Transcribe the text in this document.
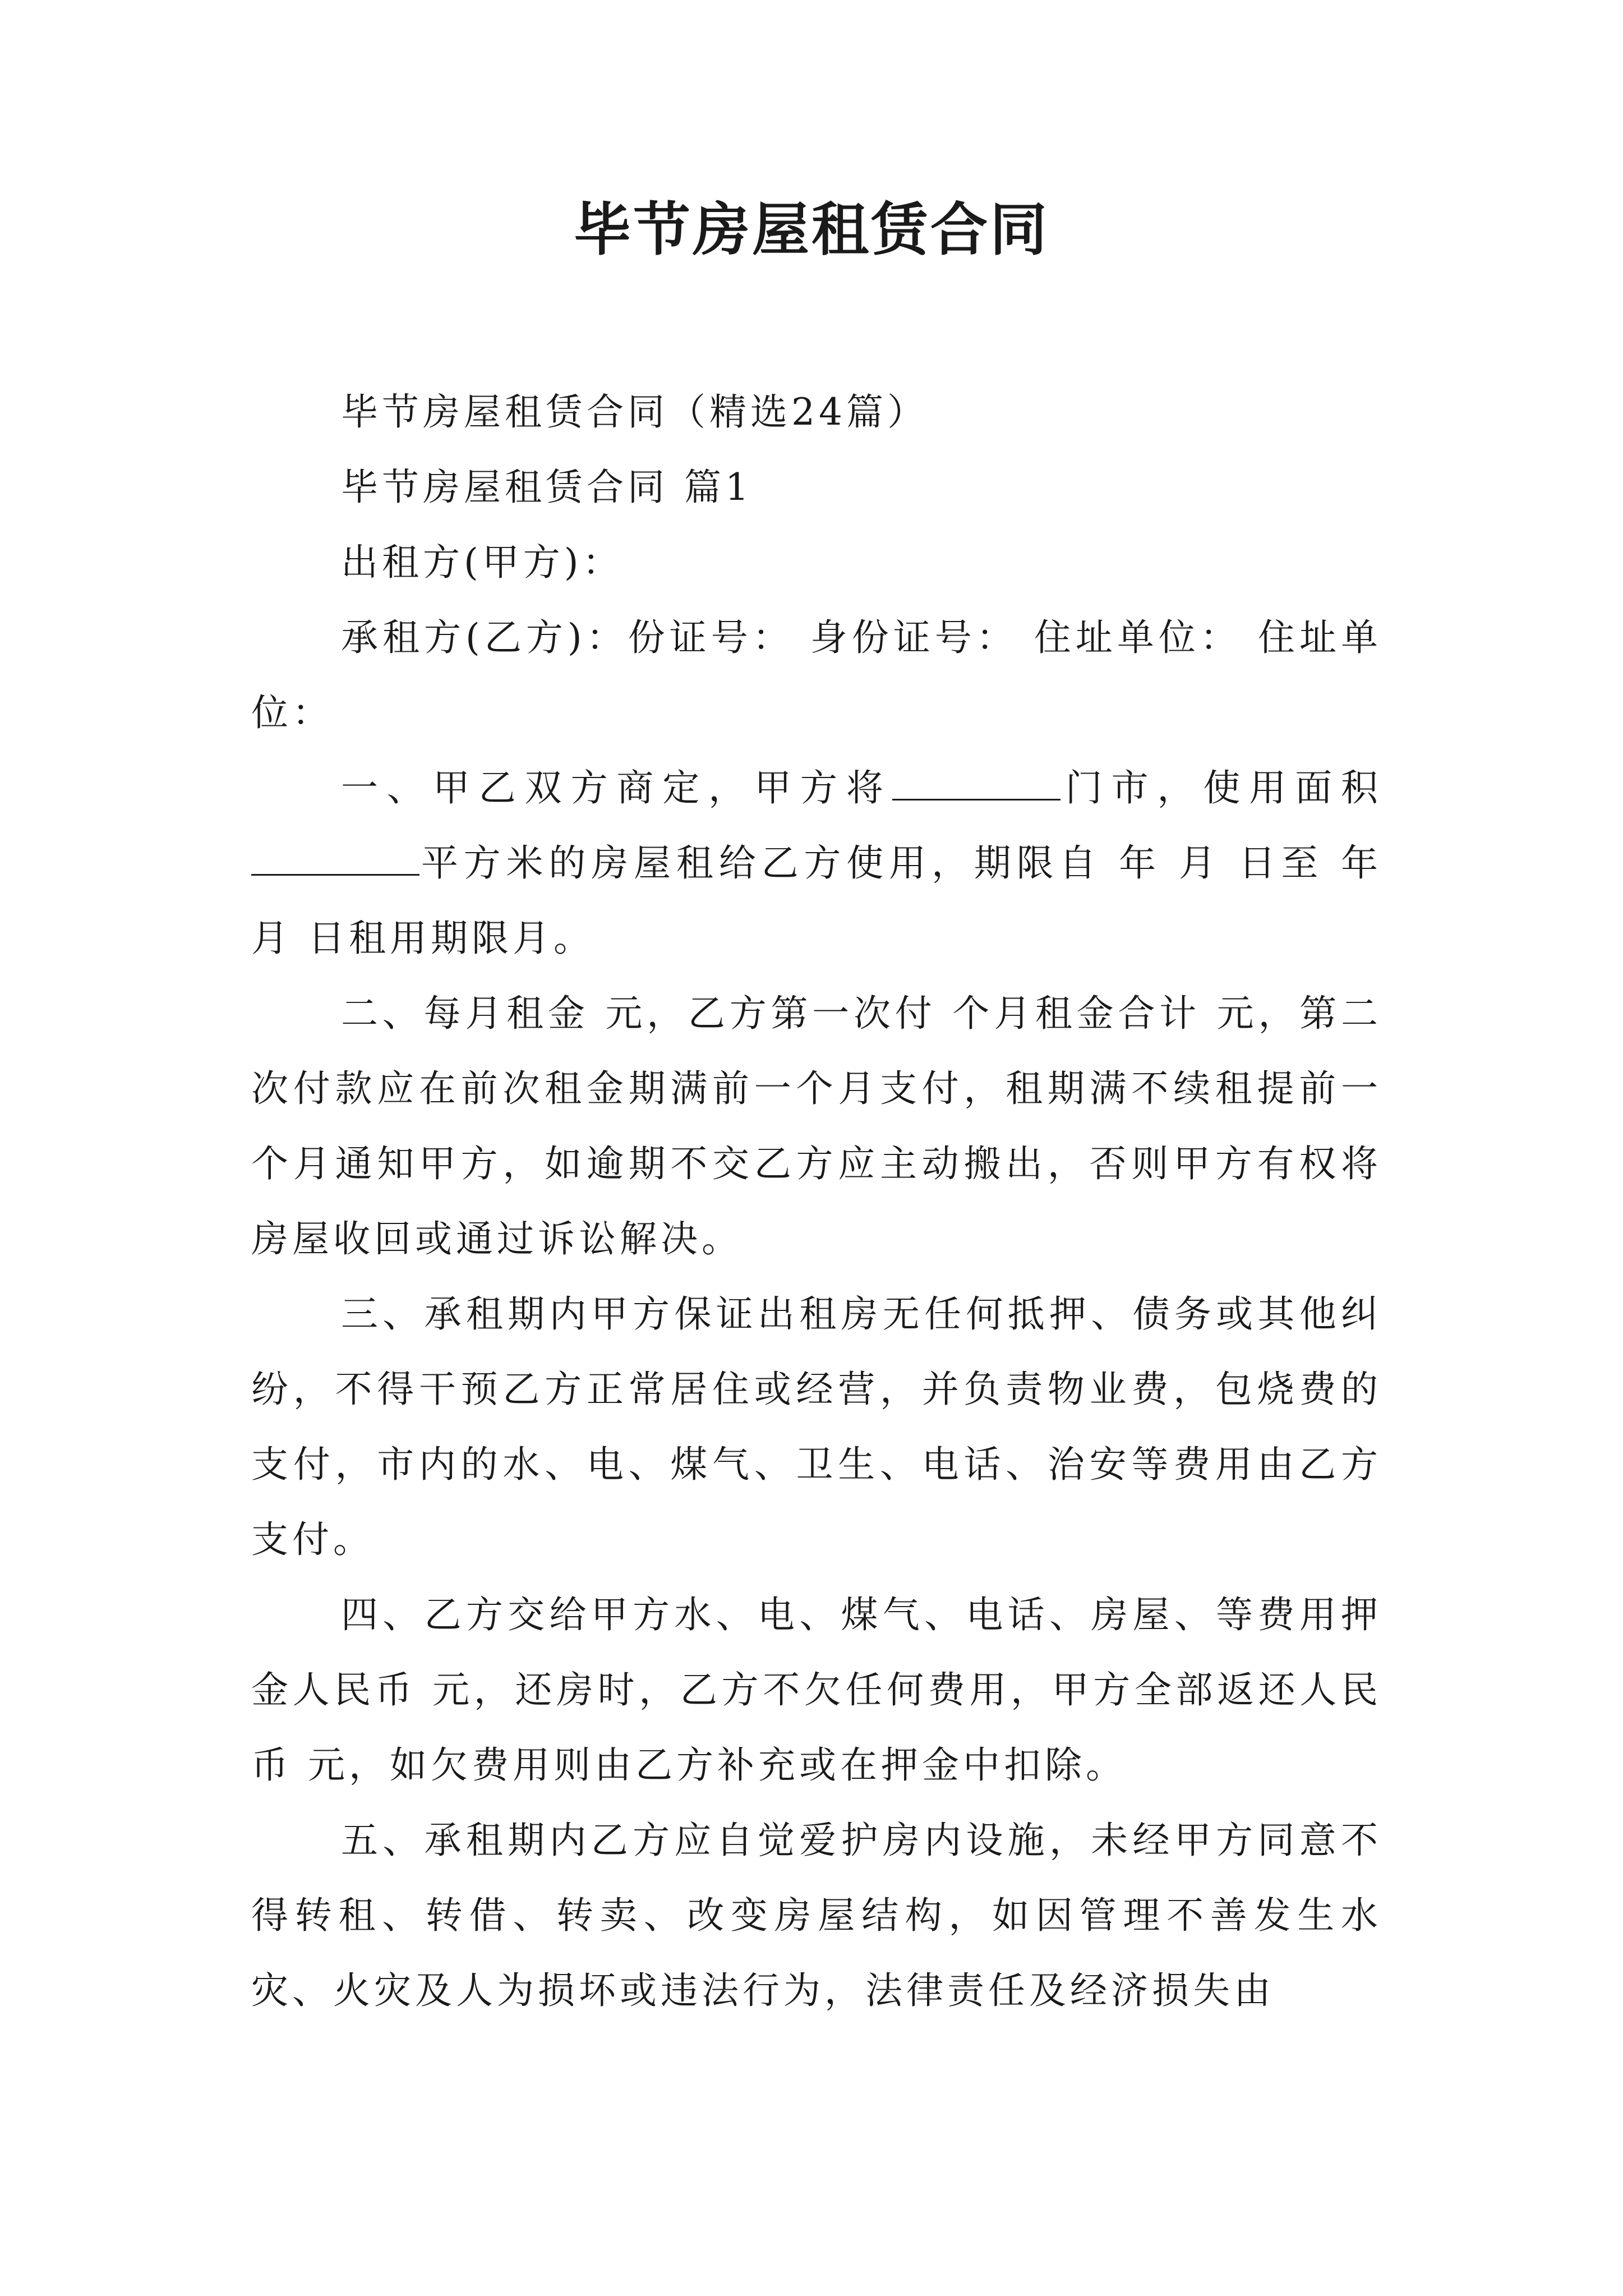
毕节房屋租赁合同

毕节房屋租赁合同（精选24篇）

毕节房屋租赁合同 篇1

出租方(甲方)：

承租方(乙方)：份证号： 身份证号： 住址单位： 住址单位：

一、甲乙双方商定，甲方将	门市，使用面积平方米的房屋租给乙方使用，期限自 年 月 日至 年 月 日租用期限月。

二、每月租金 元，乙方第一次付 个月租金合计 元，第二次付款应在前次租金期满前一个月支付，租期满不续租提前一个月通知甲方，如逾期不交乙方应主动搬出，否则甲方有权将房屋收回或通过诉讼解决。

三、承租期内甲方保证出租房无任何抵押、债务或其他纠纷，不得干预乙方正常居住或经营，并负责物业费，包烧费的支付，市内的水、电、煤气、卫生、电话、治安等费用由乙方支付。

四、乙方交给甲方水、电、煤气、电话、房屋、等费用押金人民币 元，还房时，乙方不欠任何费用，甲方全部返还人民币 元，如欠费用则由乙方补充或在押金中扣除。

五、承租期内乙方应自觉爱护房内设施，未经甲方同意不得转租、转借、转卖、改变房屋结构，如因管理不善发生水灾、火灾及人为损坏或违法行为，法律责任及经济损失由
